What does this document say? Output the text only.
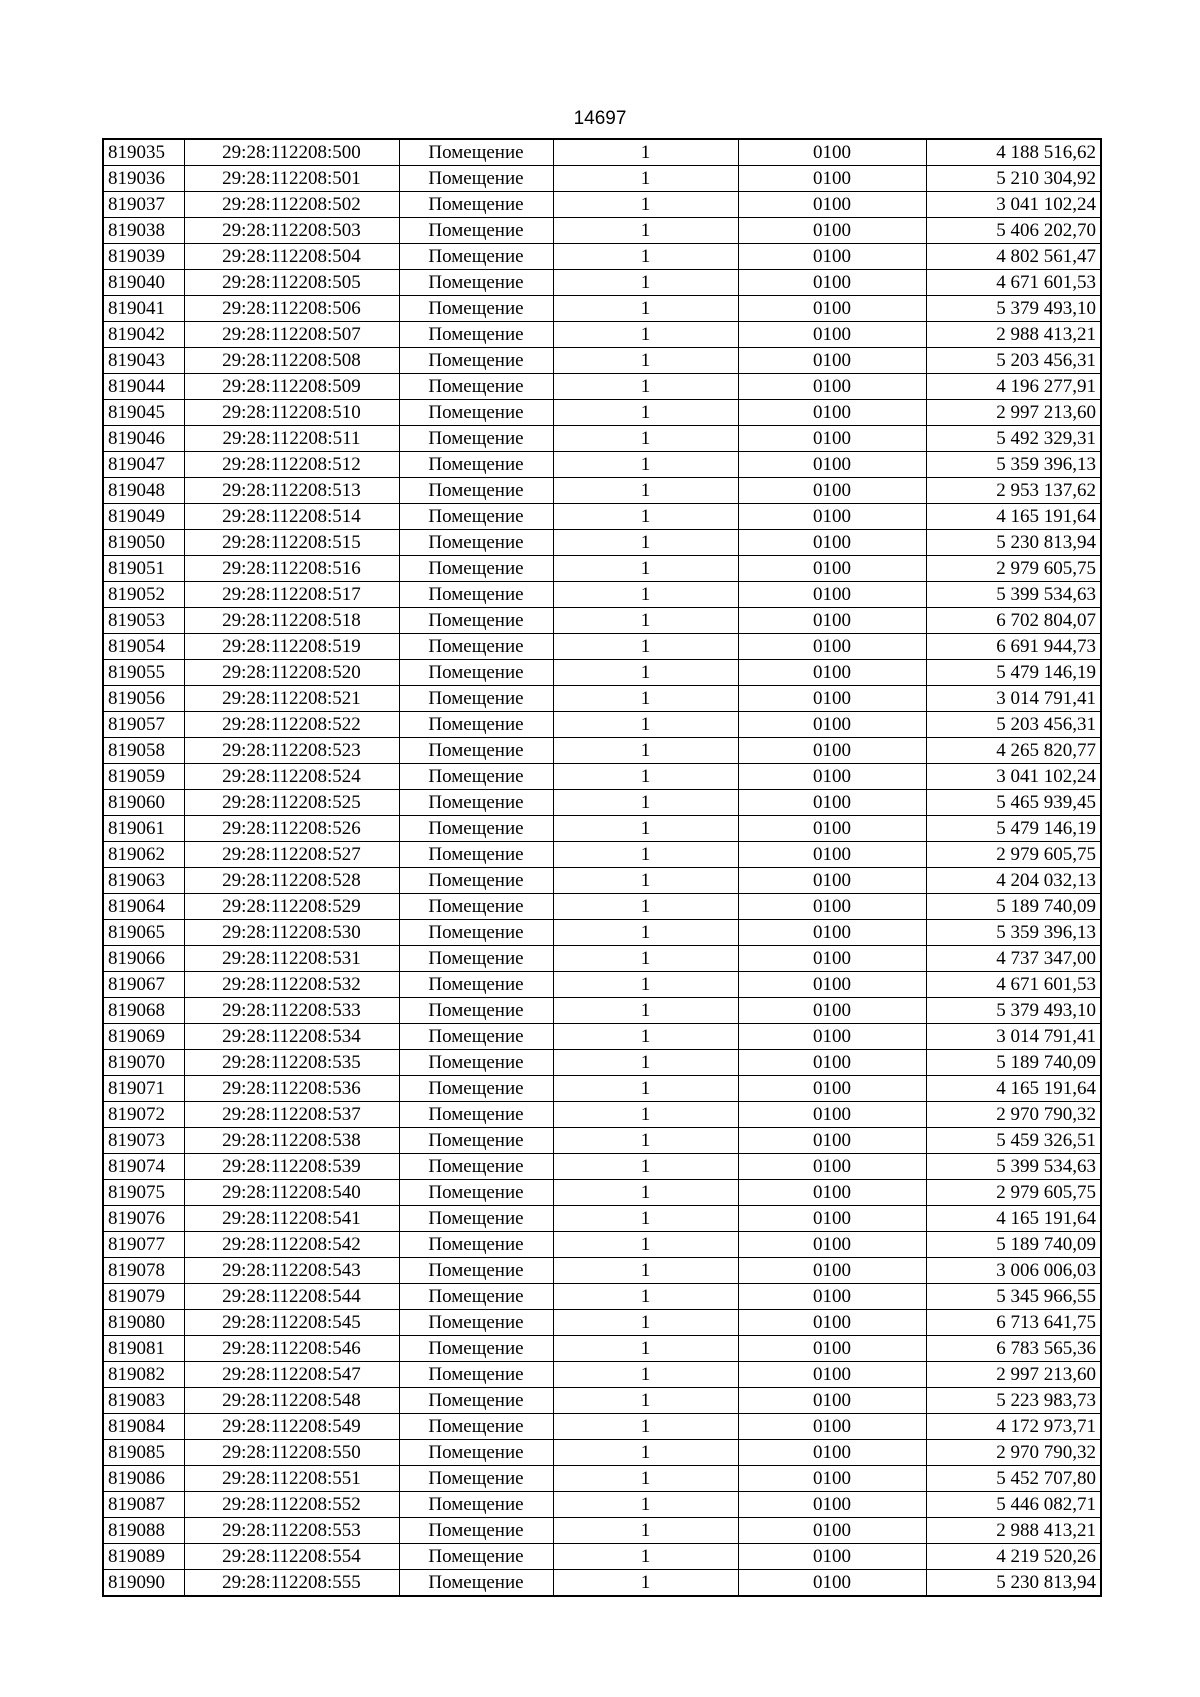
14697
819035	29:28:112208:500	Помещение	1	0100	4 188 516,62
819036	29:28:112208:501	Помещение	1	0100	5 210 304,92
819037	29:28:112208:502	Помещение	1	0100	3 041 102,24
819038	29:28:112208:503	Помещение	1	0100	5 406 202,70
819039	29:28:112208:504	Помещение	1	0100	4 802 561,47
819040	29:28:112208:505	Помещение	1	0100	4 671 601,53
819041	29:28:112208:506	Помещение	1	0100	5 379 493,10
819042	29:28:112208:507	Помещение	1	0100	2 988 413,21
819043	29:28:112208:508	Помещение	1	0100	5 203 456,31
819044	29:28:112208:509	Помещение	1	0100	4 196 277,91
819045	29:28:112208:510	Помещение	1	0100	2 997 213,60
819046	29:28:112208:511	Помещение	1	0100	5 492 329,31
819047	29:28:112208:512	Помещение	1	0100	5 359 396,13
819048	29:28:112208:513	Помещение	1	0100	2 953 137,62
819049	29:28:112208:514	Помещение	1	0100	4 165 191,64
819050	29:28:112208:515	Помещение	1	0100	5 230 813,94
819051	29:28:112208:516	Помещение	1	0100	2 979 605,75
819052	29:28:112208:517	Помещение	1	0100	5 399 534,63
819053	29:28:112208:518	Помещение	1	0100	6 702 804,07
819054	29:28:112208:519	Помещение	1	0100	6 691 944,73
819055	29:28:112208:520	Помещение	1	0100	5 479 146,19
819056	29:28:112208:521	Помещение	1	0100	3 014 791,41
819057	29:28:112208:522	Помещение	1	0100	5 203 456,31
819058	29:28:112208:523	Помещение	1	0100	4 265 820,77
819059	29:28:112208:524	Помещение	1	0100	3 041 102,24
819060	29:28:112208:525	Помещение	1	0100	5 465 939,45
819061	29:28:112208:526	Помещение	1	0100	5 479 146,19
819062	29:28:112208:527	Помещение	1	0100	2 979 605,75
819063	29:28:112208:528	Помещение	1	0100	4 204 032,13
819064	29:28:112208:529	Помещение	1	0100	5 189 740,09
819065	29:28:112208:530	Помещение	1	0100	5 359 396,13
819066	29:28:112208:531	Помещение	1	0100	4 737 347,00
819067	29:28:112208:532	Помещение	1	0100	4 671 601,53
819068	29:28:112208:533	Помещение	1	0100	5 379 493,10
819069	29:28:112208:534	Помещение	1	0100	3 014 791,41
819070	29:28:112208:535	Помещение	1	0100	5 189 740,09
819071	29:28:112208:536	Помещение	1	0100	4 165 191,64
819072	29:28:112208:537	Помещение	1	0100	2 970 790,32
819073	29:28:112208:538	Помещение	1	0100	5 459 326,51
819074	29:28:112208:539	Помещение	1	0100	5 399 534,63
819075	29:28:112208:540	Помещение	1	0100	2 979 605,75
819076	29:28:112208:541	Помещение	1	0100	4 165 191,64
819077	29:28:112208:542	Помещение	1	0100	5 189 740,09
819078	29:28:112208:543	Помещение	1	0100	3 006 006,03
819079	29:28:112208:544	Помещение	1	0100	5 345 966,55
819080	29:28:112208:545	Помещение	1	0100	6 713 641,75
819081	29:28:112208:546	Помещение	1	0100	6 783 565,36
819082	29:28:112208:547	Помещение	1	0100	2 997 213,60
819083	29:28:112208:548	Помещение	1	0100	5 223 983,73
819084	29:28:112208:549	Помещение	1	0100	4 172 973,71
819085	29:28:112208:550	Помещение	1	0100	2 970 790,32
819086	29:28:112208:551	Помещение	1	0100	5 452 707,80
819087	29:28:112208:552	Помещение	1	0100	5 446 082,71
819088	29:28:112208:553	Помещение	1	0100	2 988 413,21
819089	29:28:112208:554	Помещение	1	0100	4 219 520,26
819090	29:28:112208:555	Помещение	1	0100	5 230 813,94
